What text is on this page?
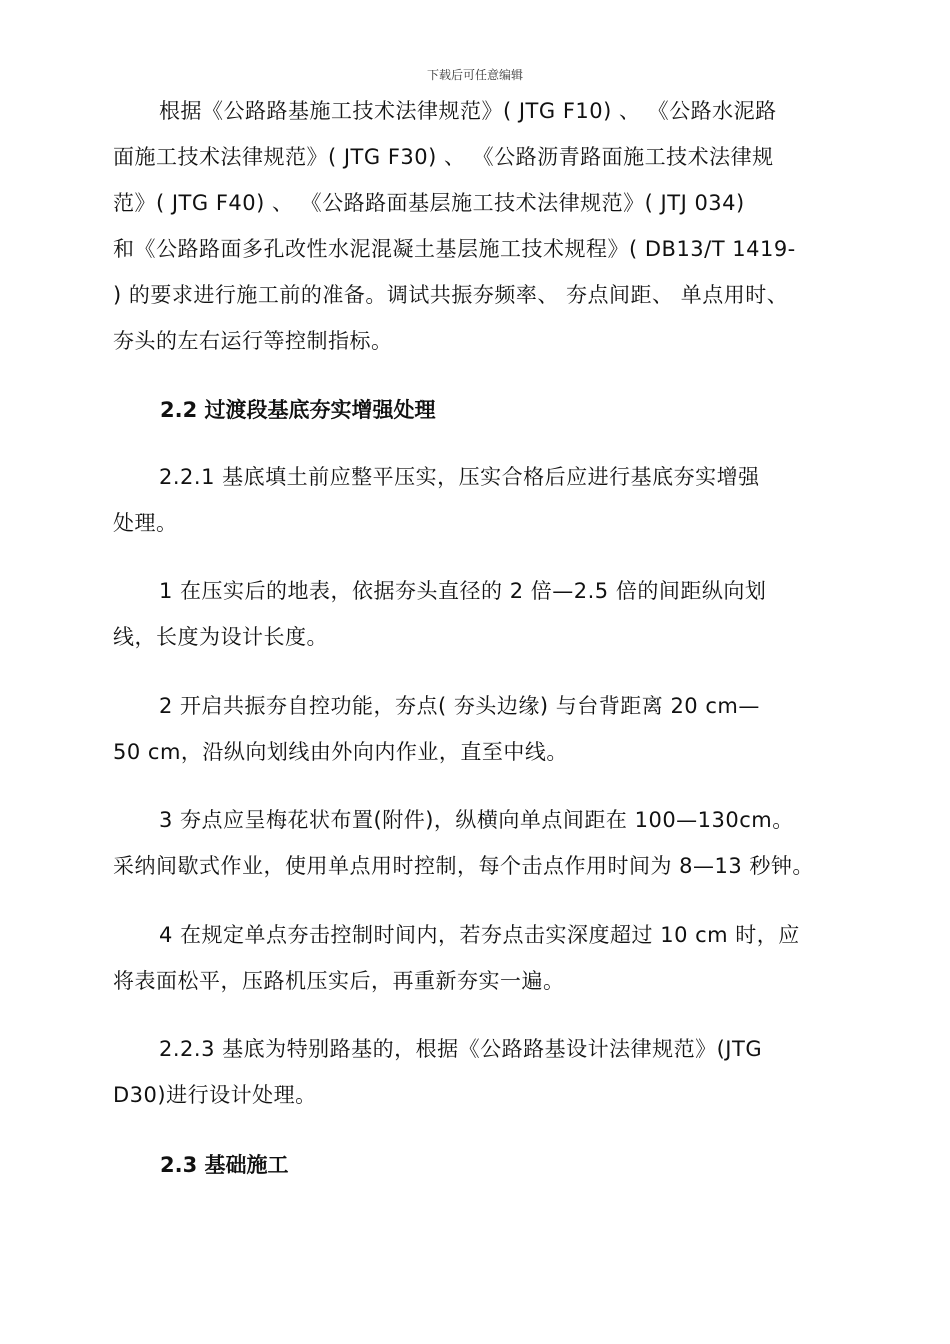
下载后可任意编辑
根据《公路路基施工技术法律规范》( JTG F10) 、 《公路水泥路
面施工技术法律规范》( JTG F30) 、 《公路沥青路面施工技术法律规
范》( JTG F40) 、 《公路路面基层施工技术法律规范》( JTJ 034)
和《公路路面多孔改性水泥混凝土基层施工技术规程》( DB13/T 1419-
) 的要求进行施工前的准备。调试共振夯频率、 夯点间距、 单点用时、
夯头的左右运行等控制指标。
2.2 过渡段基底夯实增强处理
2.2.1 基底填土前应整平压实，压实合格后应进行基底夯实增强
处理。
1 在压实后的地表，依据夯头直径的 2 倍—2.5 倍的间距纵向划
线，长度为设计长度。
2 开启共振夯自控功能，夯点( 夯头边缘) 与台背距离 20 cm—
50 cm，沿纵向划线由外向内作业，直至中线。
3 夯点应呈梅花状布置(附件)，纵横向单点间距在 100—130cm。
采纳间歇式作业，使用单点用时控制，每个击点作用时间为 8—13 秒钟。
4 在规定单点夯击控制时间内，若夯点击实深度超过 10 cm 时，应
将表面松平，压路机压实后，再重新夯实一遍。
2.2.3 基底为特别路基的，根据《公路路基设计法律规范》(JTG
D30)进行设计处理。
2.3 基础施工
